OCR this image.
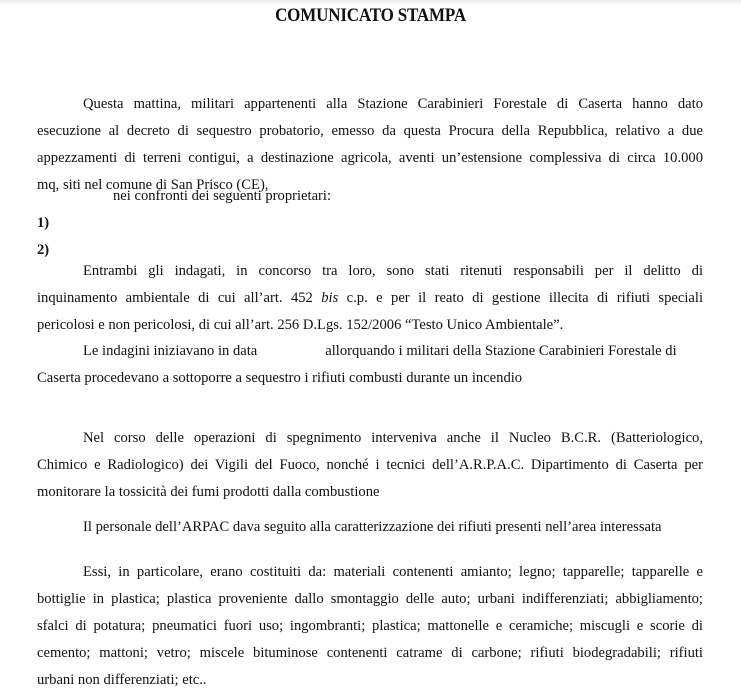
COMUNICATO STAMPA
Questa mattina, militari appartenenti alla Stazione Carabinieri Forestale di Caserta hanno dato
esecuzione al decreto di sequestro probatorio, emesso da questa Procura della Repubblica, relativo a due
appezzamenti di terreni contigui, a destinazione agricola, aventi un’estensione complessiva di circa 10.000
mq, siti nel comune di San Prisco (CE),
nei confronti dei seguenti proprietari:
1)
2)
Entrambi gli indagati, in concorso tra loro, sono stati ritenuti responsabili per il delitto di
inquinamento ambientale di cui all’art. 452 bis c.p. e per il reato di gestione illecita di rifiuti speciali
pericolosi e non pericolosi, di cui all’art. 256 D.Lgs. 152/2006 “Testo Unico Ambientale”.
Le indagini iniziavano in data	allorquando i militari della Stazione Carabinieri Forestale di
Caserta procedevano a sottoporre a sequestro i rifiuti combusti durante un incendio
Nel corso delle operazioni di spegnimento interveniva anche il Nucleo B.C.R. (Batteriologico,
Chimico e Radiologico) dei Vigili del Fuoco, nonché i tecnici dell’A.R.P.A.C. Dipartimento di Caserta per
monitorare la tossicità dei fumi prodotti dalla combustione
Il personale dell’ARPAC dava seguito alla caratterizzazione dei rifiuti presenti nell’area interessata
Essi, in particolare, erano costituiti da: materiali contenenti amianto; legno; tapparelle; tapparelle e
bottiglie in plastica; plastica proveniente dallo smontaggio delle auto; urbani indifferenziati; abbigliamento;
sfalci di potatura; pneumatici fuori uso; ingombranti; plastica; mattonelle e ceramiche; miscugli e scorie di
cemento; mattoni; vetro; miscele bituminose contenenti catrame di carbone; rifiuti biodegradabili; rifiuti
urbani non differenziati; etc..
